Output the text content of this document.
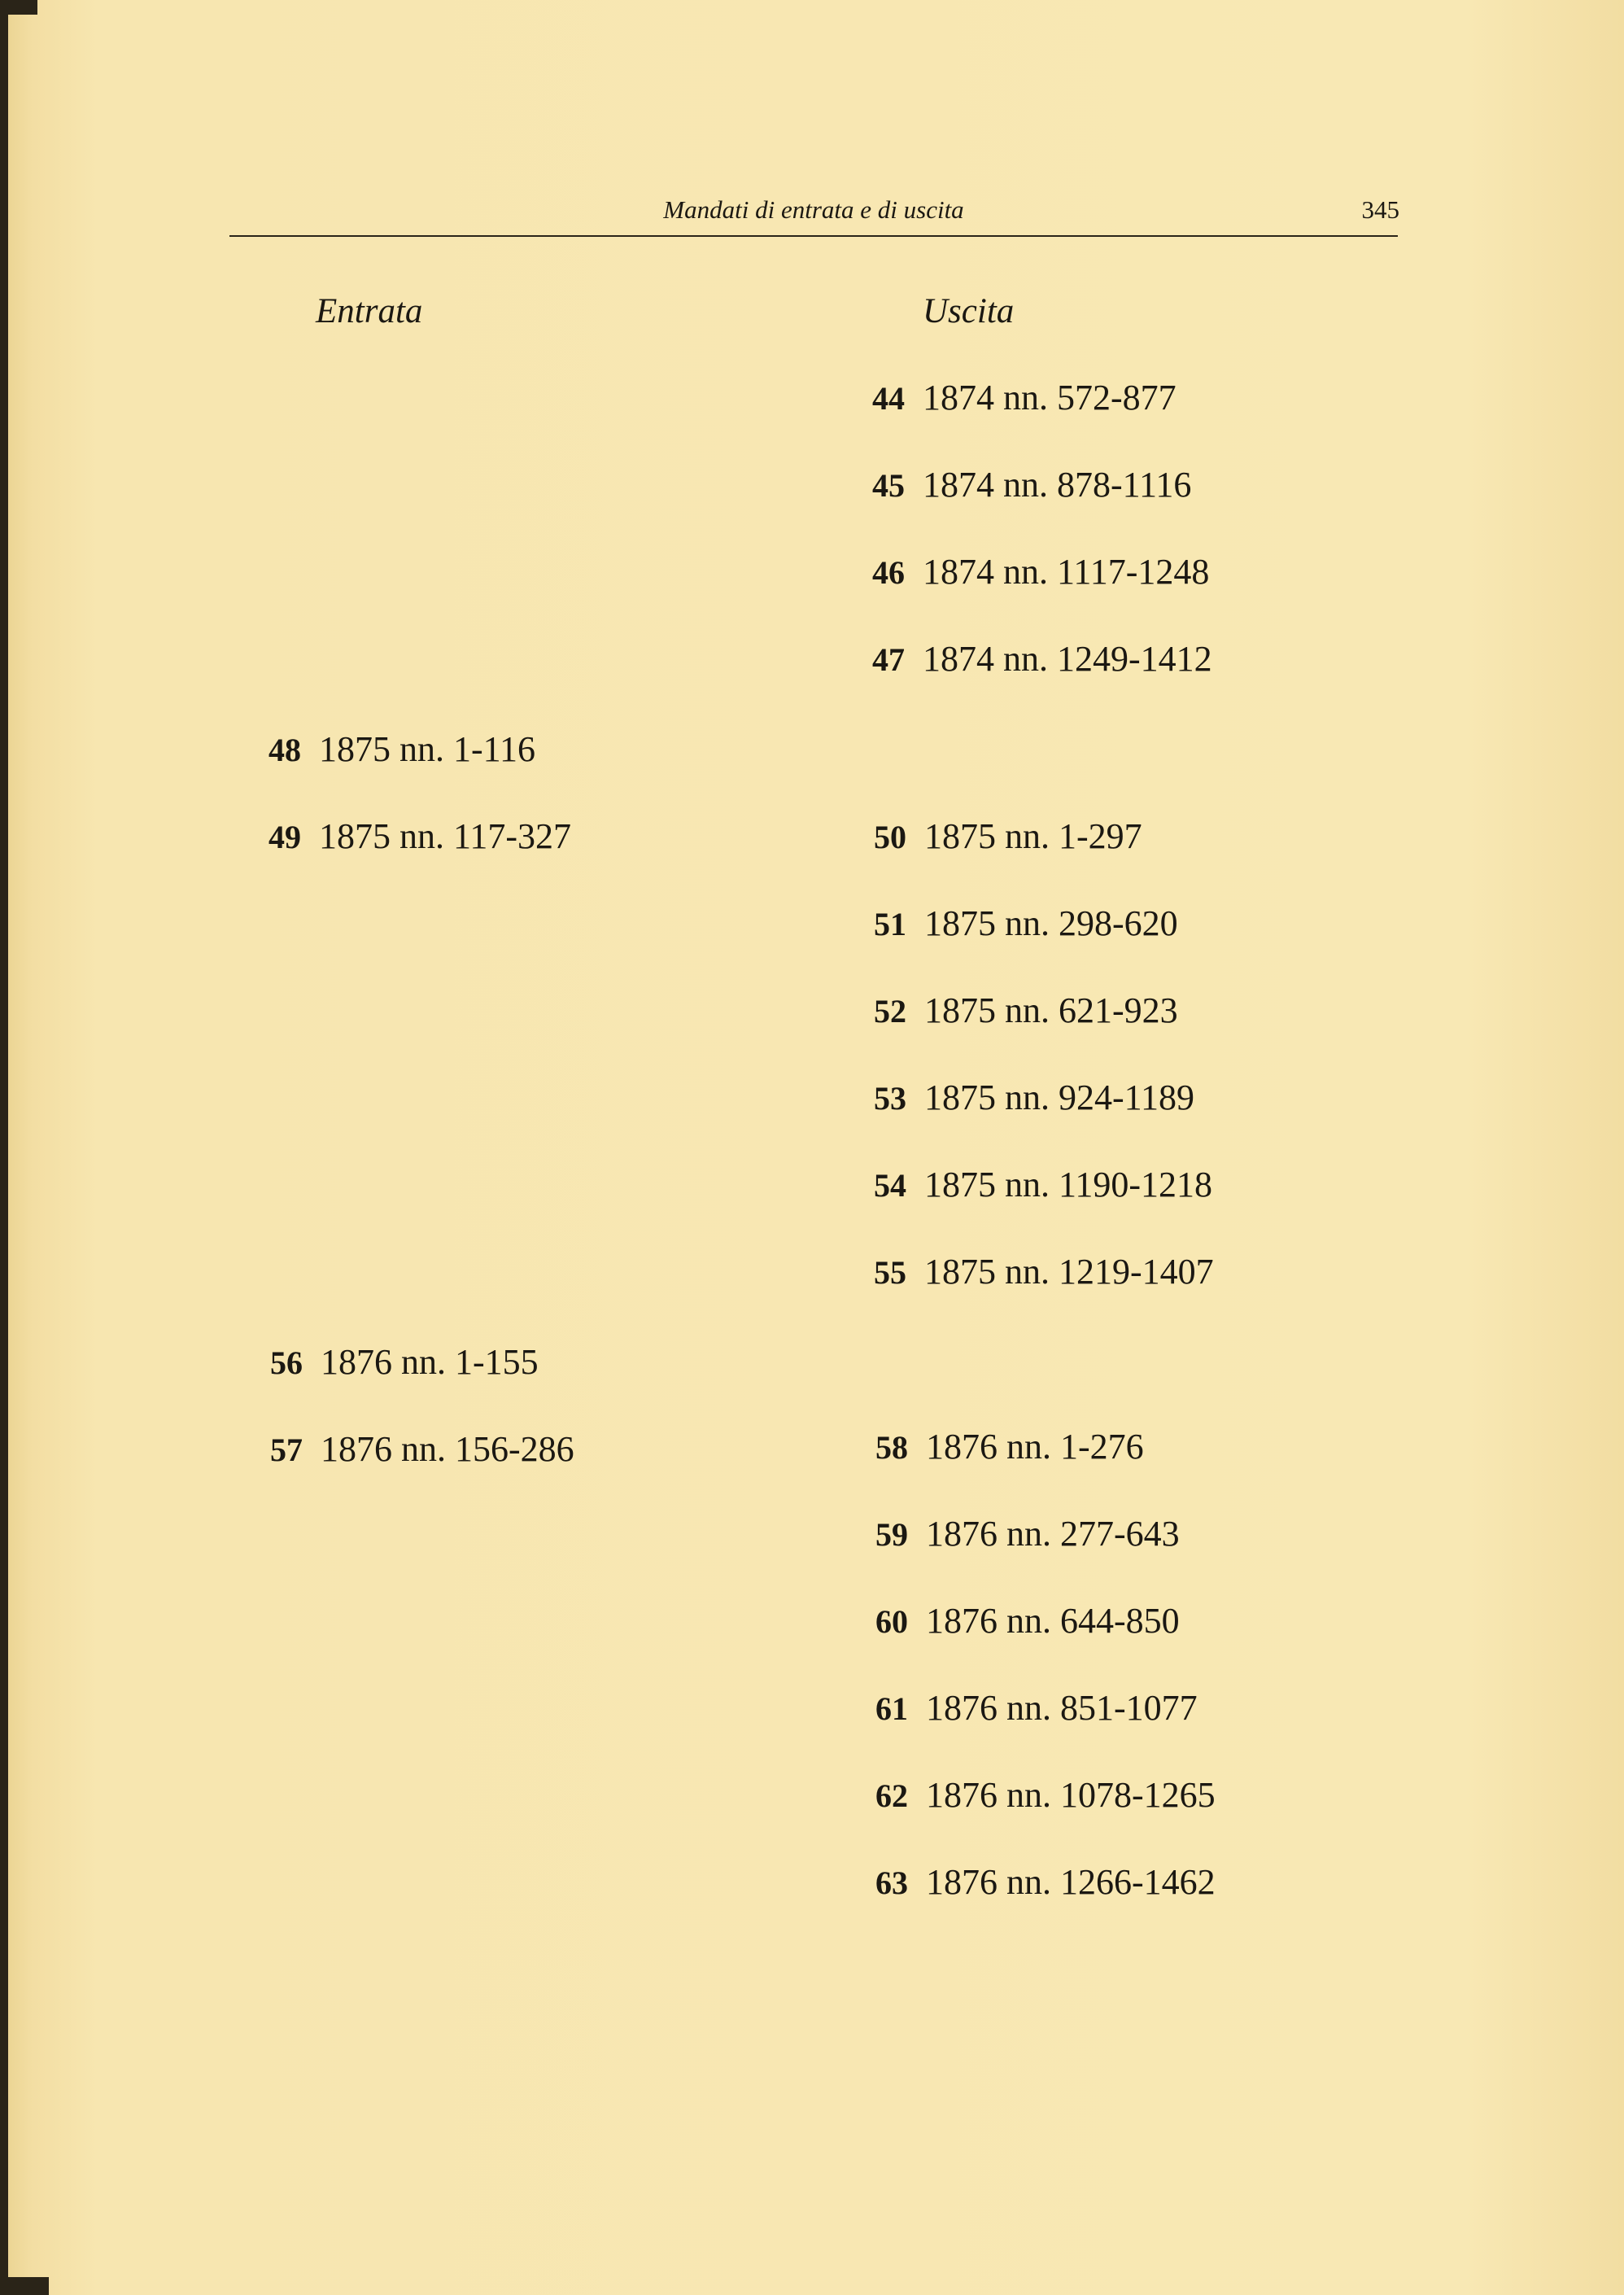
Mandati di entrata e di uscita	345
Entrata	Uscita
48 1875 nn. 1-116
49 1875 nn. 117-327
56 1876 nn. 1-155
57 1876 nn. 156-286
44 1874 nn. 572-877
45 1874 nn. 878-1116
46 1874 nn. 1117-1248
47 1874 nn. 1249-1412
50 1875 nn. 1-297
51 1875 nn. 298-620
52 1875 nn. 621-923
53 1875 nn. 924-1189
54 1875 nn. 1190-1218
55 1875 nn. 1219-1407
58 1876 nn. 1-276
59 1876 nn. 277-643
60 1876 nn. 644-850
61 1876 nn. 851-1077
62 1876 nn. 1078-1265
63 1876 nn. 1266-1462
